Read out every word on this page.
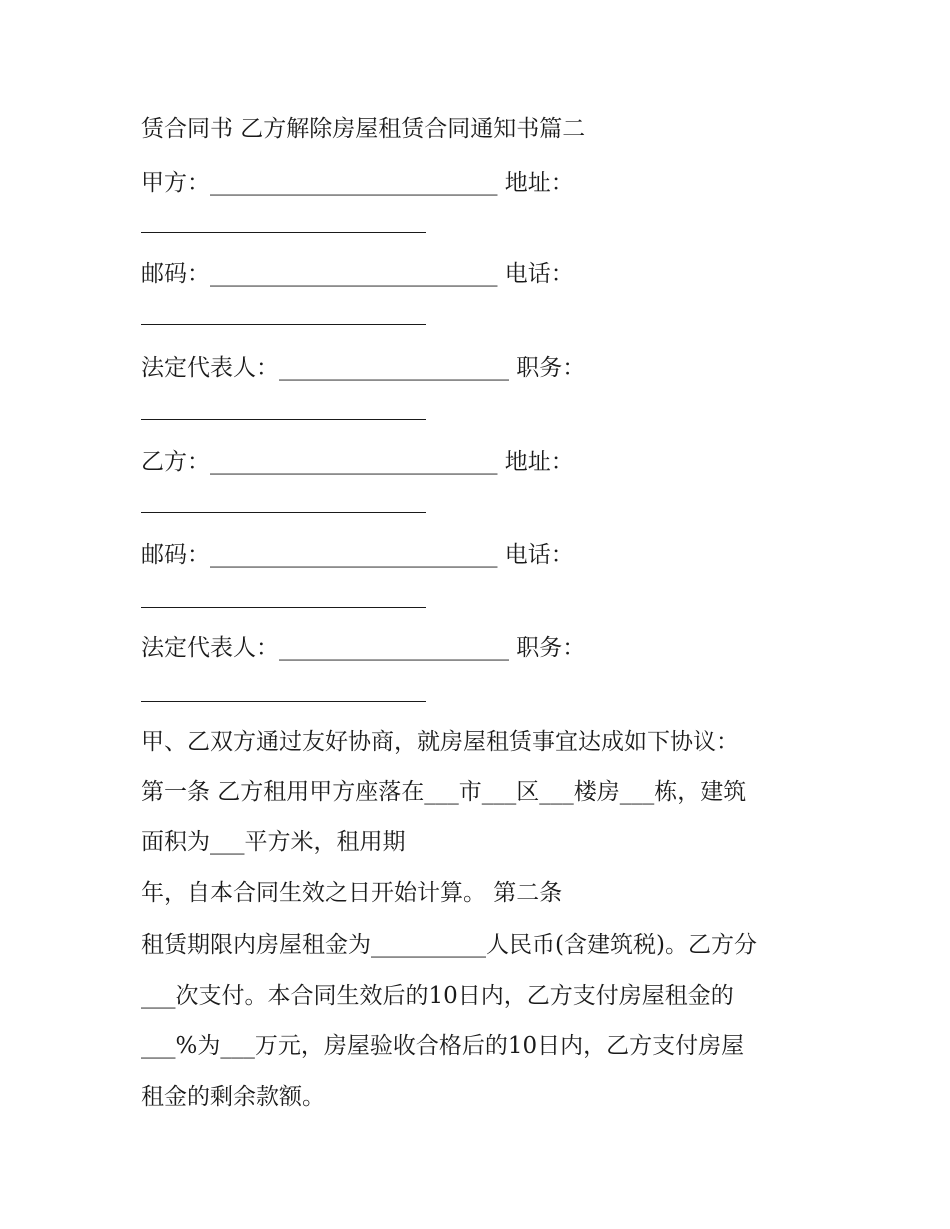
赁合同书 乙方解除房屋租赁合同通知书篇二
甲方：_________________________ 地址：
邮码：_________________________ 电话：
法定代表人：____________________ 职务：
乙方：_________________________ 地址：
邮码：_________________________ 电话：
法定代表人：____________________ 职务：
甲、乙双方通过友好协商，就房屋租赁事宜达成如下协议：
第一条 乙方租用甲方座落在___市___区___楼房___栋，建筑
面积为___平方米，租用期
年，自本合同生效之日开始计算。 第二条
租赁期限内房屋租金为__________人民币(含建筑税)。乙方分
___次支付。本合同生效后的10日内，乙方支付房屋租金的
___%为___万元，房屋验收合格后的10日内，乙方支付房屋
租金的剩余款额。
